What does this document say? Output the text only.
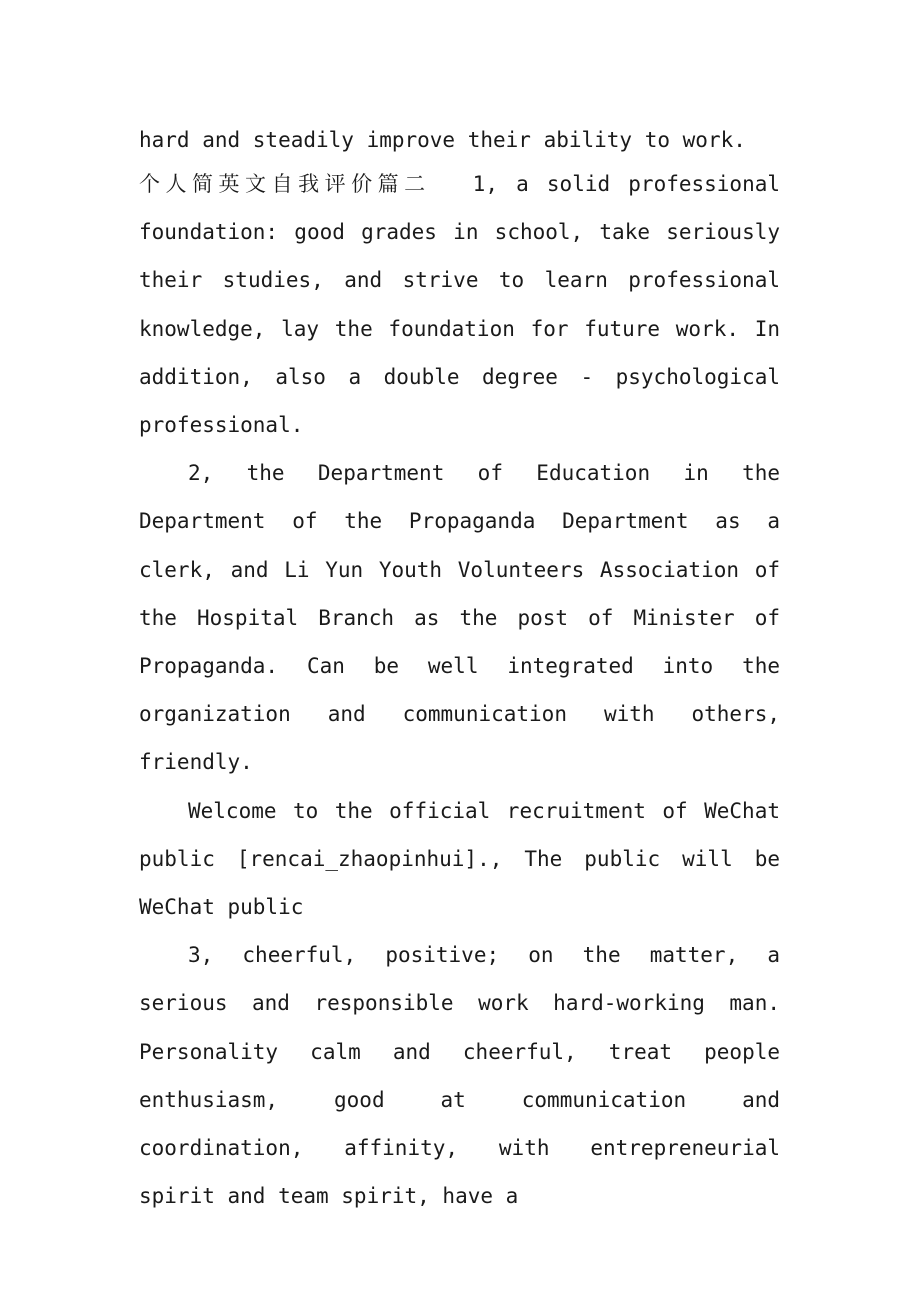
hard and steadily improve their ability to work.

个人简英文自我评价篇二 1, a solid professional foundation: good grades in school, take seriously their studies, and strive to learn professional knowledge, lay the foundation for future work. In addition, also a double degree - psychological professional.

2, the Department of Education in the Department of the Propaganda Department as a clerk, and Li Yun Youth Volunteers Association of the Hospital Branch as the post of Minister of Propaganda. Can be well integrated into the organization and communication with others, friendly.

Welcome to the official recruitment of WeChat public [rencai_zhaopinhui]., The public will be WeChat public

3, cheerful, positive; on the matter, a serious and responsible work hard-working man. Personality calm and cheerful, treat people enthusiasm, good at communication and coordination, affinity, with entrepreneurial spirit and team spirit, have a
